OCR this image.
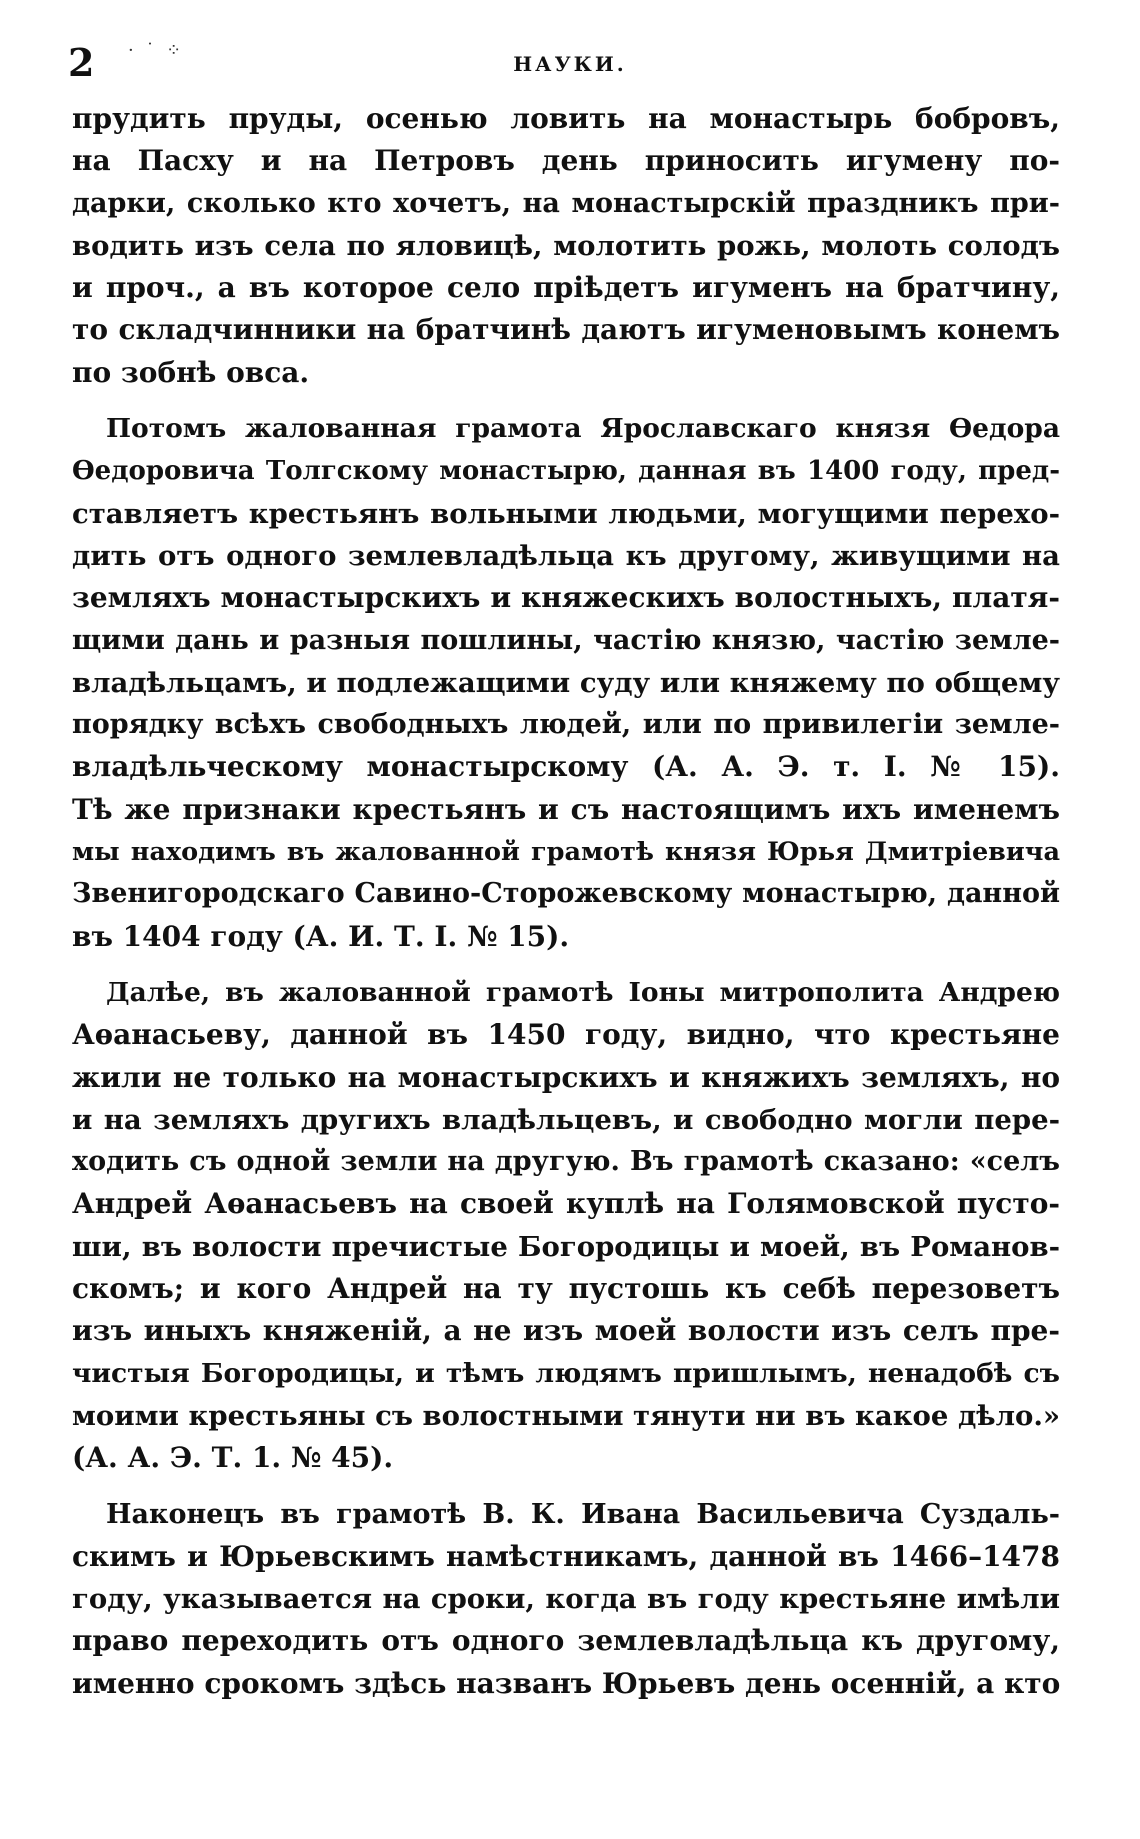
2 · ˙ ⁘
НАУКИ.

прудить пруды, осенью ловить на монастырь бобровъ,
на Пасху и на Петровъ день приносить игумену по-
дарки, сколько кто хочетъ, на монастырскій праздникъ при-
водить изъ села по яловицѣ, молотить рожь, молоть солодъ
и проч., а въ которое село пріѣдетъ игуменъ на братчину,
то складчинники на братчинѣ даютъ игуменовымъ конемъ
по зобнѣ овса.

Потомъ жалованная грамота Ярославскаго князя Ѳедора
Ѳедоровича Толгскому монастырю, данная въ 1400 году, пред-
ставляетъ крестьянъ вольными людьми, могущими перехо-
дить отъ одного землевладѣльца къ другому, живущими на
земляхъ монастырскихъ и княжескихъ волостныхъ, платя-
щими дань и разныя пошлины, частію князю, частію земле-
владѣльцамъ, и подлежащими суду или княжему по общему
порядку всѣхъ свободныхъ людей, или по привилегіи земле-
владѣльческому монастырскому (А. А. Э. т. I. № 15).
Тѣ же признаки крестьянъ и съ настоящимъ ихъ именемъ
мы находимъ въ жалованной грамотѣ князя Юрья Дмитріевича
Звенигородскаго Савино-Сторожевскому монастырю, данной
въ 1404 году (А. И. Т. I. № 15).

Далѣе, въ жалованной грамотѣ Іоны митрополита Андрею
Аѳанасьеву, данной въ 1450 году, видно, что крестьяне
жили не только на монастырскихъ и княжихъ земляхъ, но
и на земляхъ другихъ владѣльцевъ, и свободно могли пере-
ходить съ одной земли на другую. Въ грамотѣ сказано: «селъ
Андрей Аѳанасьевъ на своей куплѣ на Голямовской пусто-
ши, въ волости пречистые Богородицы и моей, въ Романов-
скомъ; и кого Андрей на ту пустошь къ себѣ перезоветъ
изъ иныхъ княженій, а не изъ моей волости изъ селъ пре-
чистыя Богородицы, и тѣмъ людямъ пришлымъ, ненадобѣ съ
моими крестьяны съ волостными тянути ни въ какое дѣло.»
(А. А. Э. Т. 1. № 45).

Наконецъ въ грамотѣ В. К. Ивана Васильевича Суздаль-
скимъ и Юрьевскимъ намѣстникамъ, данной въ 1466–1478
году, указывается на сроки, когда въ году крестьяне имѣли
право переходить отъ одного землевладѣльца къ другому,
именно срокомъ здѣсь названъ Юрьевъ день осенній, а кто
